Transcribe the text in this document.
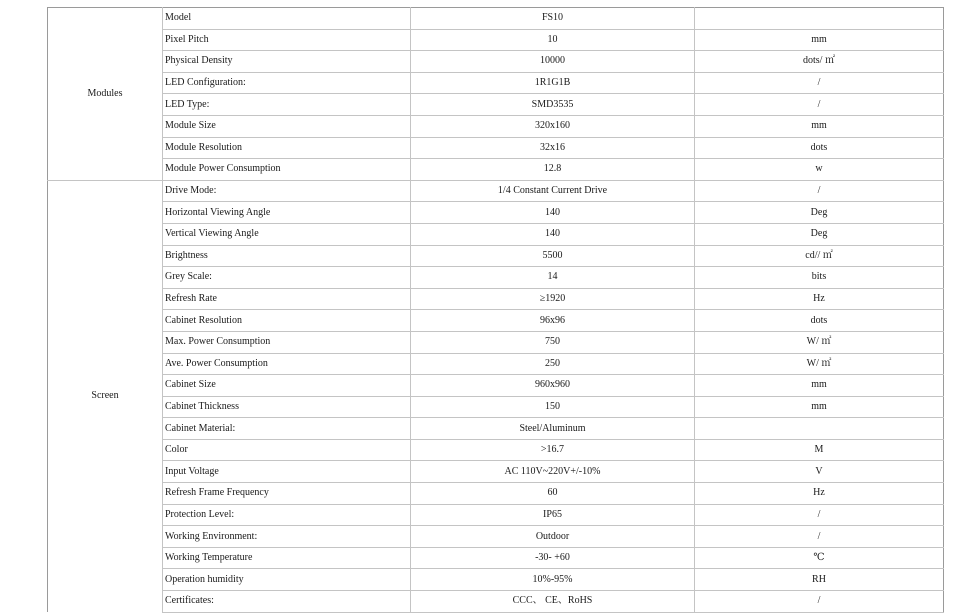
Modules	Model	FS10	
	Pixel Pitch	10	mm
	Physical Density	10000	dots/ ㎡
	LED Configuration:	1R1G1B	/
	LED Type:	SMD3535	/
	Module Size	320x160	mm
	Module Resolution	32x16	dots
	Module Power Consumption	12.8	w
Screen	Drive Mode:	1/4 Constant Current Drive	/
	Horizontal Viewing Angle	140	Deg
	Vertical Viewing Angle	140	Deg
	Brightness	5500	cd// ㎡
	Grey Scale:	14	bits
	Refresh Rate	≥1920	Hz
	Cabinet Resolution	96x96	dots
	Max. Power Consumption	750	W/ ㎡
	Ave. Power Consumption	250	W/ ㎡
	Cabinet Size	960x960	mm
	Cabinet Thickness	150	mm
	Cabinet Material:	Steel/Aluminum	
	Color	>16.7	M
	Input Voltage	AC 110V~220V+/-10%	V
	Refresh Frame Frequency	60	Hz
	Protection Level:	IP65	/
	Working Environment:	Outdoor	/
	Working Temperature	-30- +60	℃
	Operation humidity	10%-95%	RH
	Certificates:	CCC、 CE、RoHS	/
